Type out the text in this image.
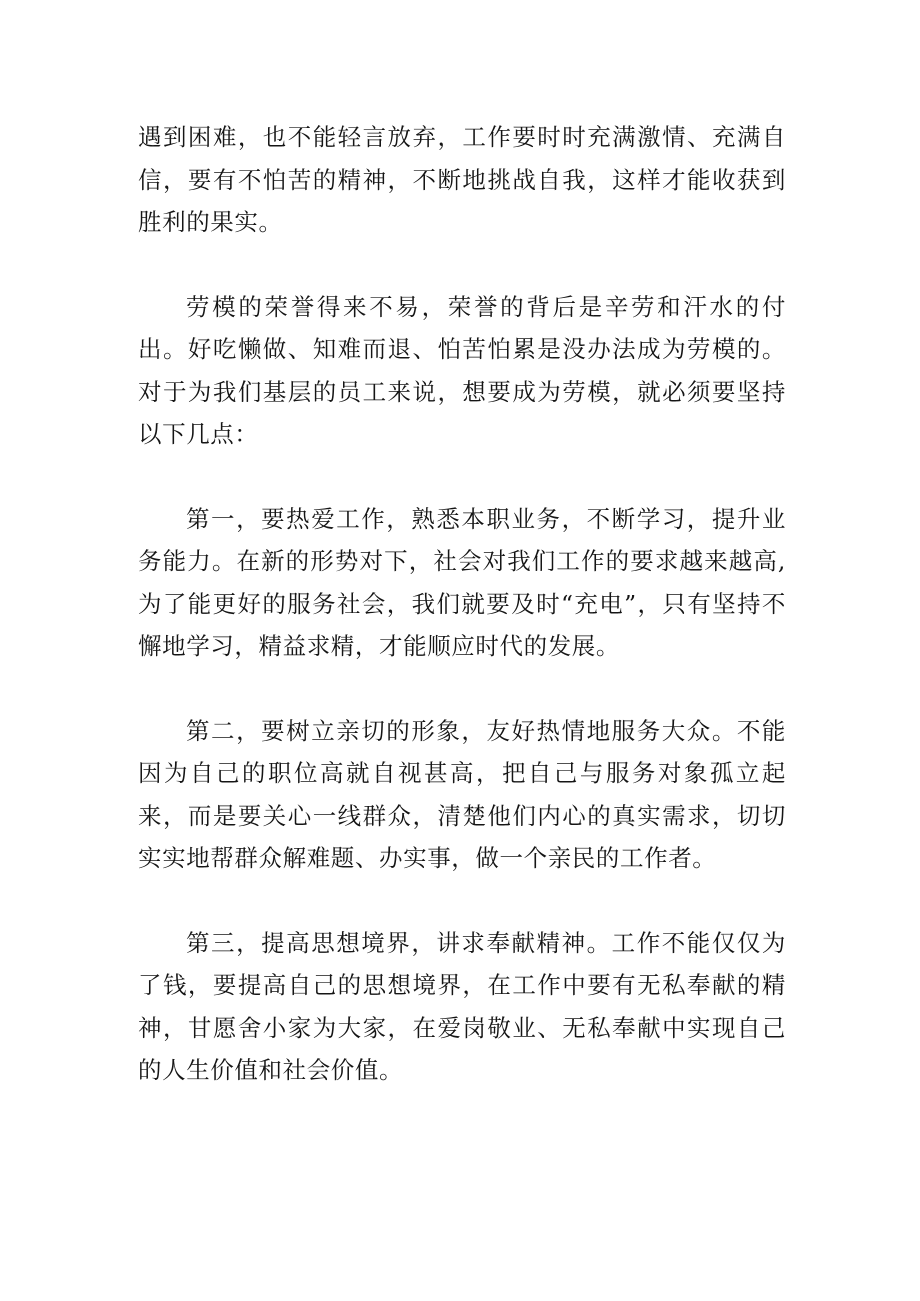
遇到困难，也不能轻言放弃，工作要时时充满激情、充满自信，要有不怕苦的精神，不断地挑战自我，这样才能收获到胜利的果实。

劳模的荣誉得来不易，荣誉的背后是辛劳和汗水的付出。好吃懒做、知难而退、怕苦怕累是没办法成为劳模的。对于为我们基层的员工来说，想要成为劳模，就必须要坚持以下几点：

第一，要热爱工作，熟悉本职业务，不断学习，提升业务能力。在新的形势对下，社会对我们工作的要求越来越高,为了能更好的服务社会，我们就要及时“充电”，只有坚持不懈地学习，精益求精，才能顺应时代的发展。

第二，要树立亲切的形象，友好热情地服务大众。不能因为自己的职位高就自视甚高，把自己与服务对象孤立起来，而是要关心一线群众，清楚他们内心的真实需求，切切实实地帮群众解难题、办实事，做一个亲民的工作者。

第三，提高思想境界，讲求奉献精神。工作不能仅仅为了钱，要提高自己的思想境界，在工作中要有无私奉献的精神，甘愿舍小家为大家，在爱岗敬业、无私奉献中实现自己的人生价值和社会价值。
